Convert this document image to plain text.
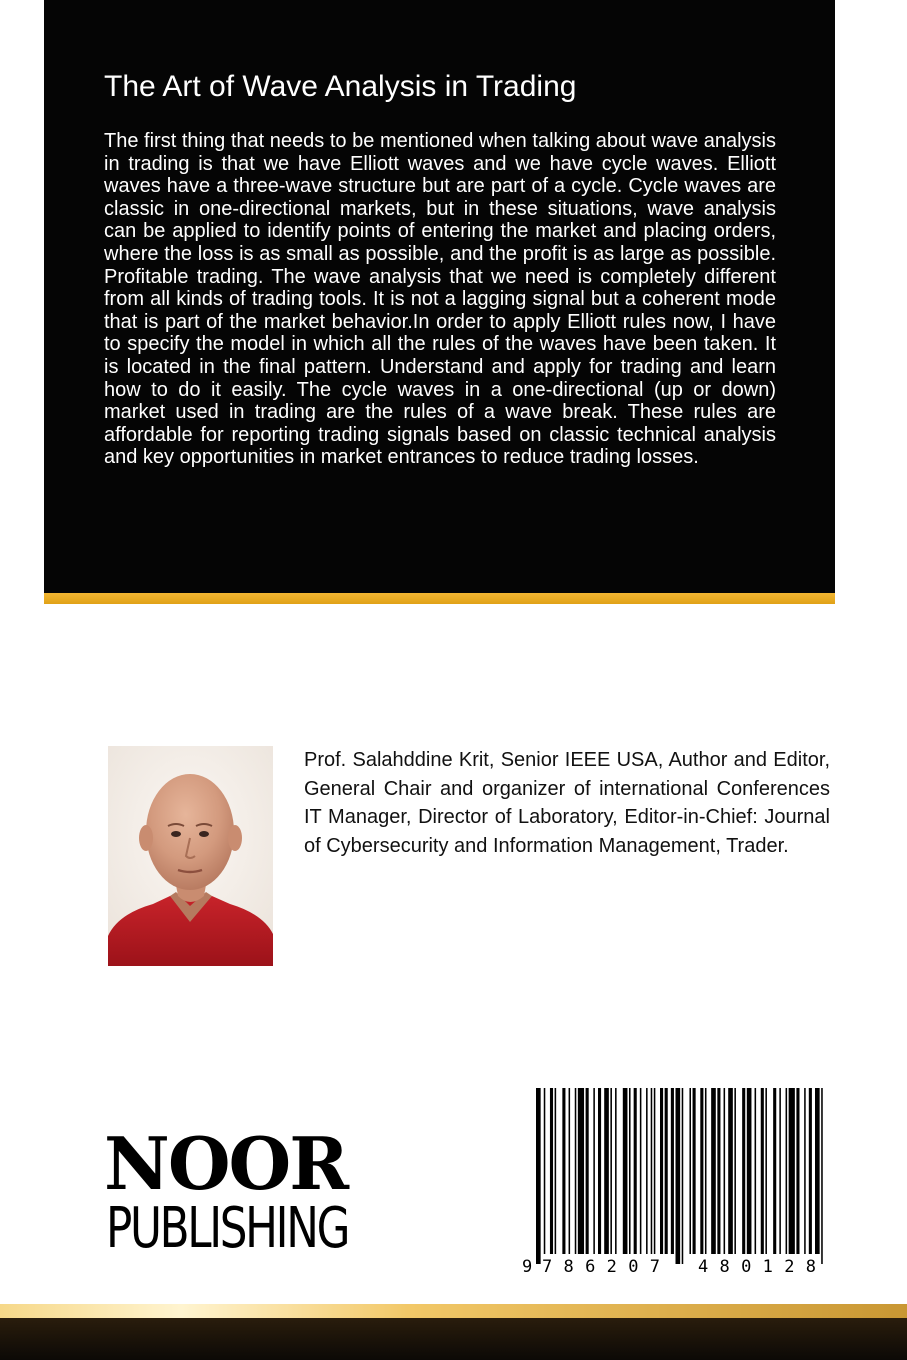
The Art of Wave Analysis in Trading

The first thing that needs to be mentioned when talking about wave analysis in trading is that we have Elliott waves and we have cycle waves. Elliott waves have a three-wave structure but are part of a cycle. Cycle waves are classic in one-directional markets, but in these situations, wave analysis can be applied to identify points of entering the market and placing orders, where the loss is as small as possible, and the profit is as large as possible. Profitable trading. The wave analysis that we need is completely different from all kinds of trading tools. It is not a lagging signal but a coherent mode that is part of the market behavior.In order to apply Elliott rules now, I have to specify the model in which all the rules of the waves have been taken. It is located in the final pattern. Understand and apply for trading and learn how to do it easily. The cycle waves in a one-directional (up or down) market used in trading are the rules of a wave break. These rules are affordable for reporting trading signals based on classic technical analysis and key opportunities in market entrances to reduce trading losses.

Prof. Salahddine Krit, Senior IEEE USA, Author and Editor, General Chair and organizer of international Conferences IT Manager, Director of Laboratory, Editor-in-Chief: Journal of Cybersecurity and Information Management, Trader.

NOOR
PUBLISHING
9 786207 480128
